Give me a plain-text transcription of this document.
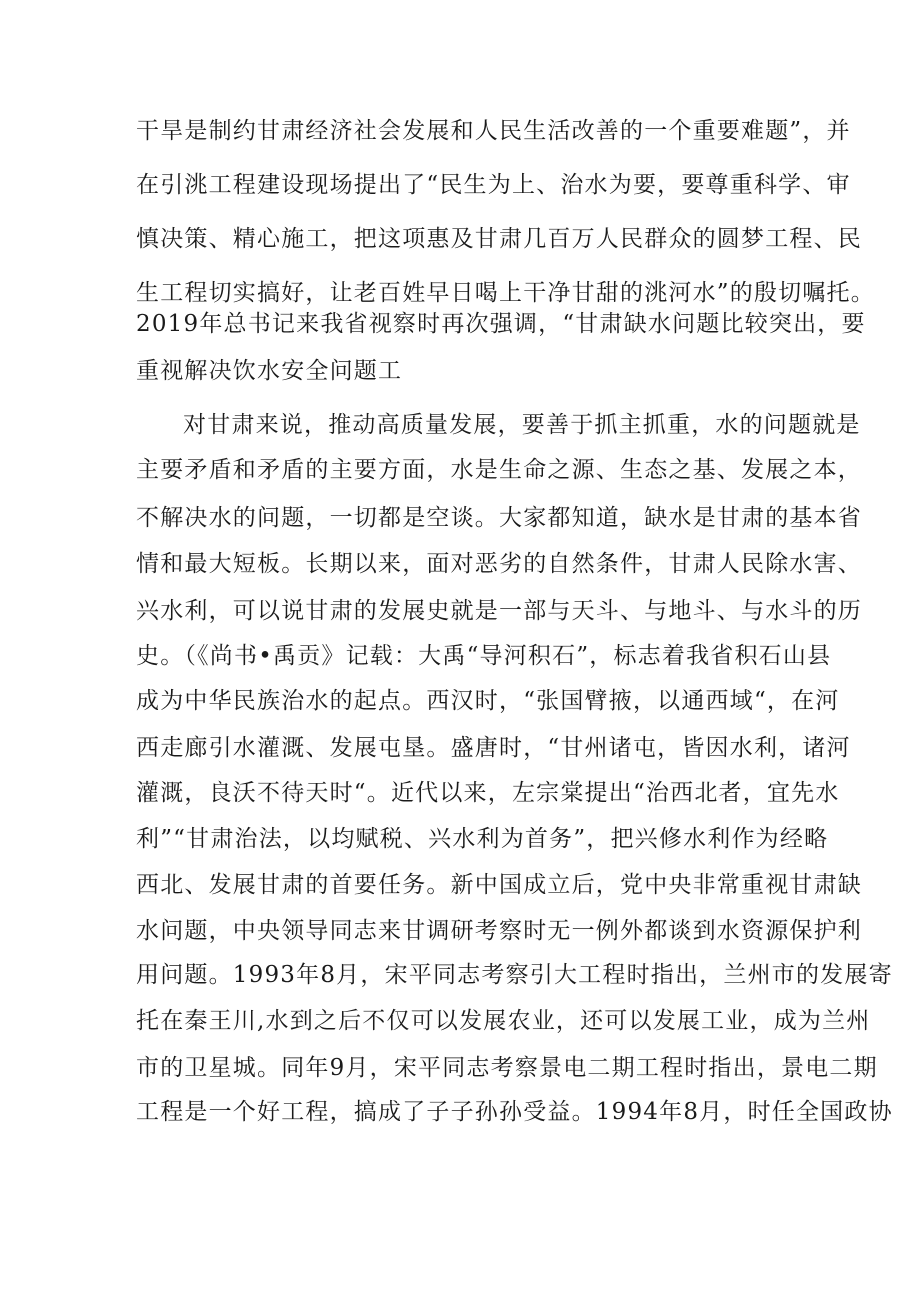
干旱是制约甘肃经济社会发展和人民生活改善的一个重要难题”，并
在引洮工程建设现场提出了“民生为上、治水为要，要尊重科学、审
慎决策、精心施工，把这项惠及甘肃几百万人民群众的圆梦工程、民
生工程切实搞好，让老百姓早日喝上干净甘甜的洮河水”的殷切嘱托。
2019年总书记来我省视察时再次强调，“甘肃缺水问题比较突出，要
重视解决饮水安全问题工
对甘肃来说，推动高质量发展，要善于抓主抓重，水的问题就是
主要矛盾和矛盾的主要方面，水是生命之源、生态之基、发展之本，
不解决水的问题，一切都是空谈。大家都知道，缺水是甘肃的基本省
情和最大短板。长期以来，面对恶劣的自然条件，甘肃人民除水害、
兴水利，可以说甘肃的发展史就是一部与天斗、与地斗、与水斗的历
史。（《尚书•禹贡》记载：大禹“导河积石”，标志着我省积石山县
成为中华民族治水的起点。西汉时，“张国臂掖，以通西域“，在河
西走廊引水灌溉、发展屯垦。盛唐时，“甘州诸屯，皆因水利，诸河
灌溉，良沃不待天时“。近代以来，左宗棠提出“治西北者，宜先水
利”“甘肃治法，以均赋税、兴水利为首务”，把兴修水利作为经略
西北、发展甘肃的首要任务。新中国成立后，党中央非常重视甘肃缺
水问题，中央领导同志来甘调研考察时无一例外都谈到水资源保护利
用问题。1993年8月，宋平同志考察引大工程时指出，兰州市的发展寄
托在秦王川,水到之后不仅可以发展农业，还可以发展工业，成为兰州
市的卫星城。同年9月，宋平同志考察景电二期工程时指出，景电二期
工程是一个好工程，搞成了子子孙孙受益。1994年8月，时任全国政协
